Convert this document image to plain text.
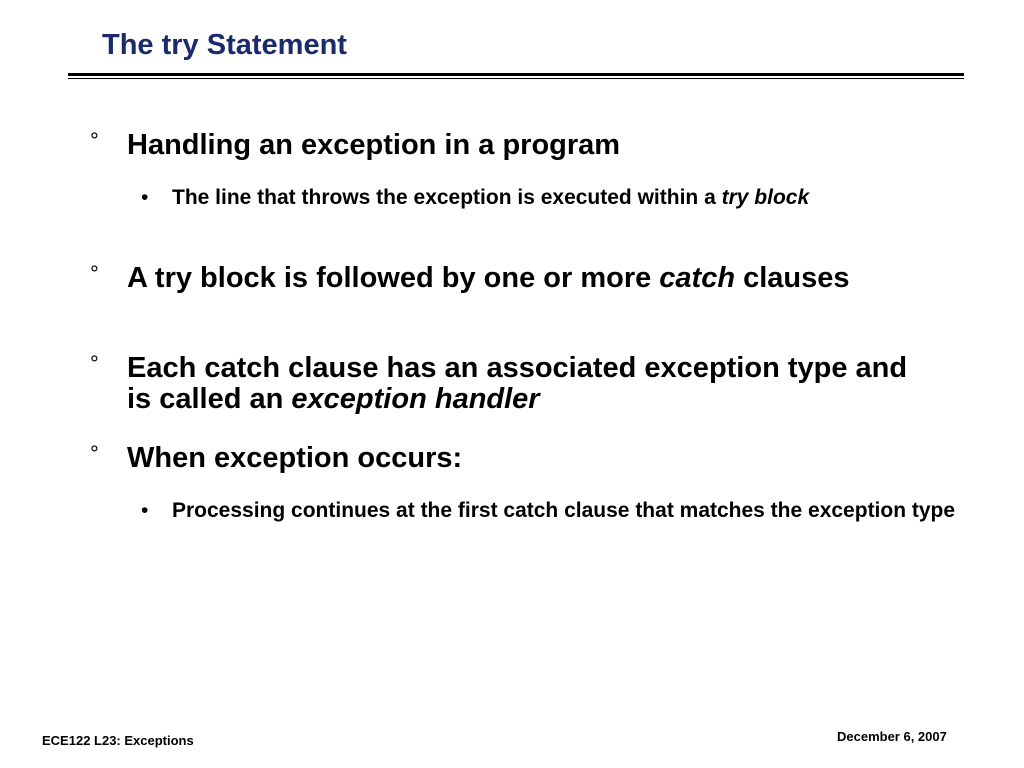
The try Statement
° Handling an exception in a program
• The line that throws the exception is executed within a try block
° A try block is followed by one or more catch clauses
° Each catch clause has an associated exception type and is called an exception handler
° When exception occurs:
• Processing continues at the first catch clause that matches the exception type
ECE122 L23: Exceptions	December 6, 2007
